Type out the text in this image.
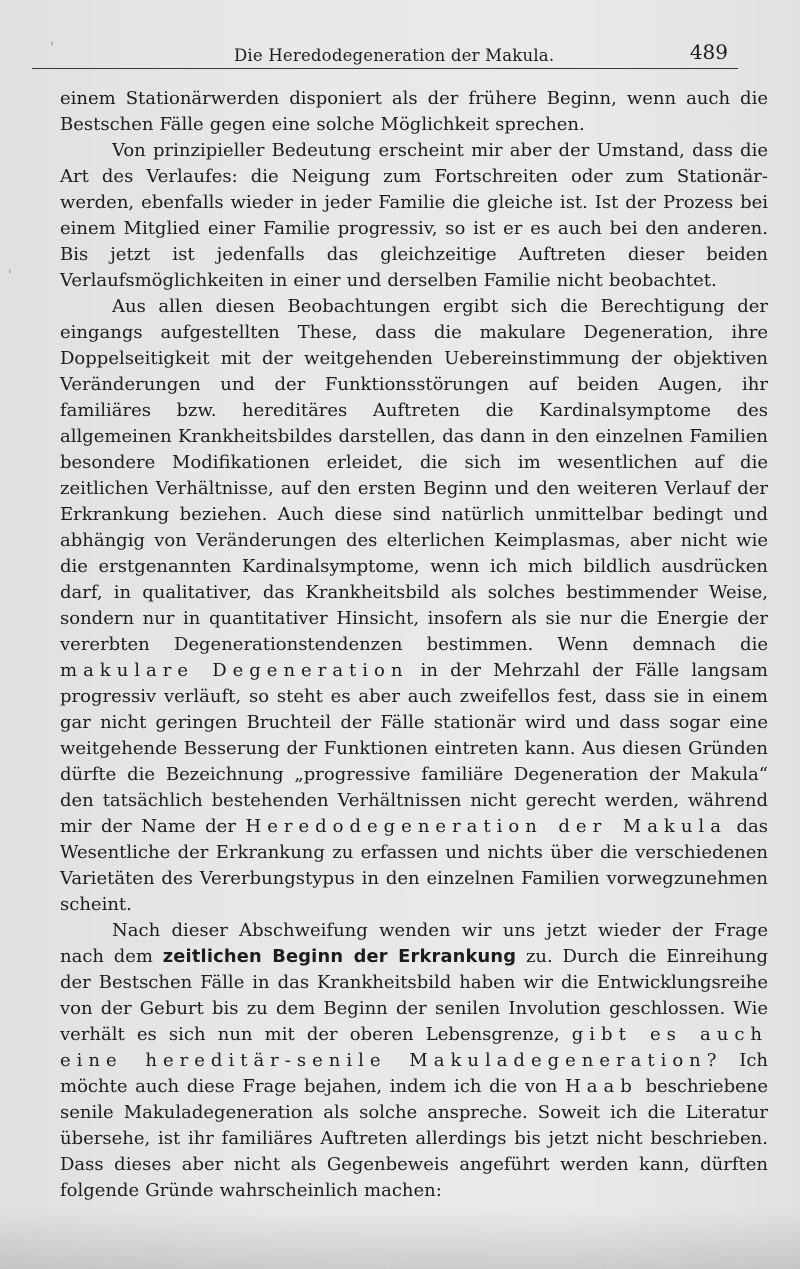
'
'
Die Heredodegeneration der Makula.	489

einem Stationärwerden disponiert als der frühere Beginn, wenn auch die Bestschen Fälle gegen eine solche Möglichkeit sprechen.

Von prinzipieller Bedeutung erscheint mir aber der Umstand, dass die Art des Verlaufes: die Neigung zum Fortschreiten oder zum Stationär-werden, ebenfalls wieder in jeder Familie die gleiche ist. Ist der Prozess bei einem Mitglied einer Familie progressiv, so ist er es auch bei den anderen. Bis jetzt ist jedenfalls das gleichzeitige Auftreten dieser beiden Verlaufsmöglichkeiten in einer und derselben Familie nicht beobachtet.

Aus allen diesen Beobachtungen ergibt sich die Berechtigung der eingangs aufgestellten These, dass die makulare Degeneration, ihre Doppelseitigkeit mit der weitgehenden Uebereinstimmung der objektiven Veränderungen und der Funktionsstörungen auf beiden Augen, ihr familiäres bzw. hereditäres Auftreten die Kardinalsymptome des allgemeinen Krankheitsbildes darstellen, das dann in den einzelnen Familien besondere Modifikationen erleidet, die sich im wesentlichen auf die zeitlichen Verhältnisse, auf den ersten Beginn und den weiteren Verlauf der Erkrankung beziehen. Auch diese sind natürlich unmittelbar bedingt und abhängig von Veränderungen des elterlichen Keimplasmas, aber nicht wie die erstgenannten Kardinalsymptome, wenn ich mich bildlich ausdrücken darf, in qualitativer, das Krankheitsbild als solches bestimmender Weise, sondern nur in quantitativer Hinsicht, insofern als sie nur die Energie der vererbten Degenerationstendenzen bestimmen. Wenn demnach die makulare Degeneration in der Mehrzahl der Fälle langsam progressiv verläuft, so steht es aber auch zweifellos fest, dass sie in einem gar nicht geringen Bruchteil der Fälle stationär wird und dass sogar eine weitgehende Besserung der Funktionen eintreten kann. Aus diesen Gründen dürfte die Bezeichnung „progressive familiäre Degeneration der Makula“ den tatsächlich bestehenden Verhältnissen nicht gerecht werden, während mir der Name der Heredodegeneration der Makula das Wesentliche der Erkrankung zu erfassen und nichts über die verschiedenen Varietäten des Vererbungstypus in den einzelnen Familien vorwegzunehmen scheint.

Nach dieser Abschweifung wenden wir uns jetzt wieder der Frage nach dem zeitlichen Beginn der Erkrankung zu. Durch die Einreihung der Bestschen Fälle in das Krankheitsbild haben wir die Entwicklungsreihe von der Geburt bis zu dem Beginn der senilen Involution geschlossen. Wie verhält es sich nun mit der oberen Lebensgrenze, gibt es auch eine hereditär-senile Makuladegeneration? Ich möchte auch diese Frage bejahen, indem ich die von Haab beschriebene senile Makuladegeneration als solche anspreche. Soweit ich die Literatur übersehe, ist ihr familiäres Auftreten allerdings bis jetzt nicht beschrieben. Dass dieses aber nicht als Gegenbeweis angeführt werden kann, dürften folgende Gründe wahrscheinlich machen:
